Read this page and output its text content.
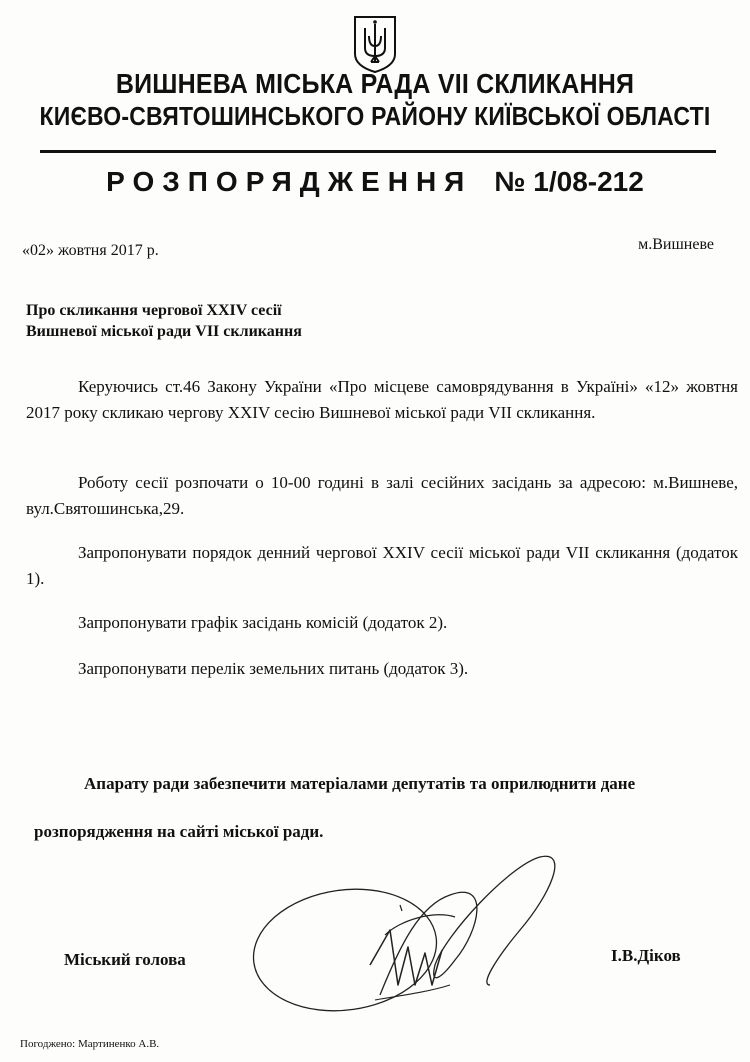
ВИШНЕВА МІСЬКА РАДА VII СКЛИКАННЯ
КИЄВО-СВЯТОШИНСЬКОГО РАЙОНУ КИЇВСЬКОЇ ОБЛАСТІ
РОЗПОРЯДЖЕННЯ № 1/08-212
«02» жовтня 2017 р.	м.Вишневе
Про скликання чергової XXIV сесії
Вишневої міської ради VII скликання
Керуючись ст.46 Закону України «Про місцеве самоврядування в Україні» «12» жовтня 2017 року скликаю чергову XXIV сесію Вишневої міської ради VII скликання.
Роботу сесії розпочати о 10-00 годині в залі сесійних засідань за адресою: м.Вишневе, вул.Святошинська,29.
Запропонувати порядок денний чергової XXIV сесії міської ради VII скликання (додаток 1).
Запропонувати графік засідань комісій (додаток 2).
Запропонувати перелік земельних питань (додаток 3).
Апарату ради забезпечити матеріалами депутатів та оприлюднити дане
розпорядження на сайті міської ради.
Міський голова	І.В.Діков
Погоджено: Мартиненко А.В.
